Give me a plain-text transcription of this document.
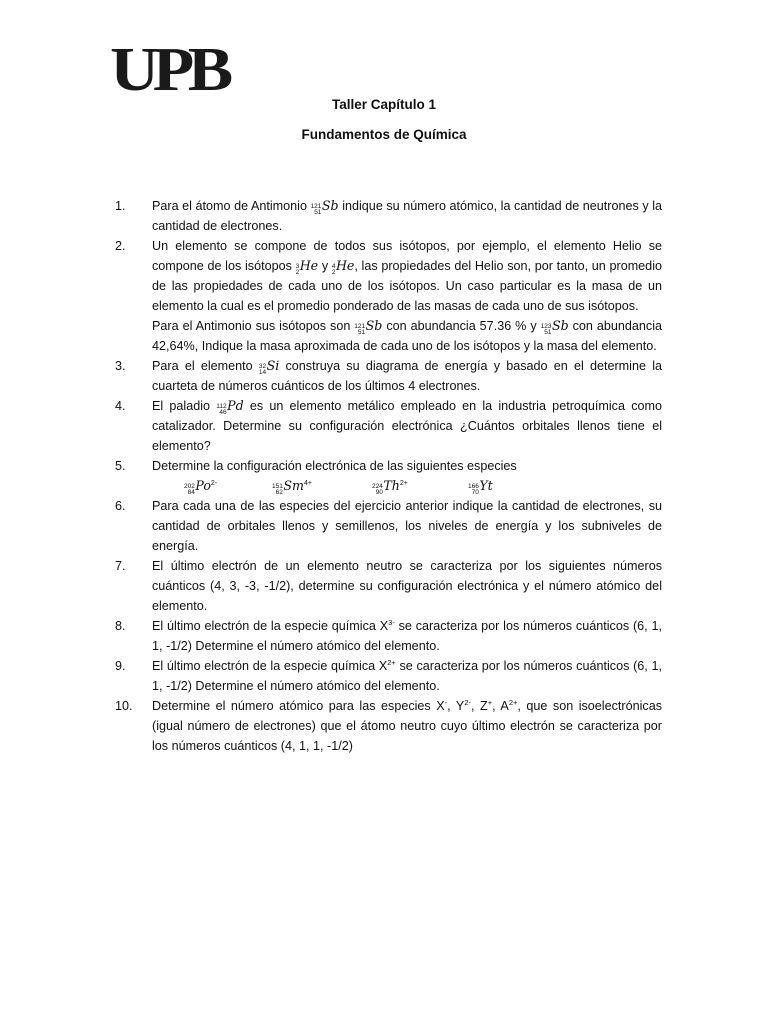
UPB
Taller Capítulo 1
Fundamentos de Química
1.	Para el átomo de Antimonio 121
51 Sb indique su número atómico, la cantidad de neutrones y la cantidad de electrones.
2.	Un elemento se compone de todos sus isótopos, por ejemplo, el elemento Helio se compone de los isótopos 3
2 He y 4
2 He, las propiedades del Helio son, por tanto, un promedio de las propiedades de cada uno de los isótopos. Un caso particular es la masa de un elemento la cual es el promedio ponderado de las masas de cada uno de sus isótopos.
Para el Antimonio sus isótopos son 121
51 Sb con abundancia 57.36 % y 123
51 Sb con abundancia 42,64%, Indique la masa aproximada de cada uno de los isótopos y la masa del elemento.
3.	Para el elemento 32
14 Si construya su diagrama de energía y basado en el determine la cuarteta de números cuánticos de los últimos 4 electrones.
4.	El paladio 112
46 Pd es un elemento metálico empleado en la industria petroquímica como catalizador. Determine su configuración electrónica ¿Cuántos orbitales llenos tiene el elemento?
5.	Determine la configuración electrónica de las siguientes especies
202
84 $Po^{2-}$	151
62 $Sm^{4+}$	224
90 $Th^{2+}$	166
70 Yt
6.	Para cada una de las especies del ejercicio anterior indique la cantidad de electrones, su cantidad de orbitales llenos y semillenos, los niveles de energía y los subniveles de energía.
7.	El último electrón de un elemento neutro se caracteriza por los siguientes números cuánticos (4, 3, -3, -1/2), determine su configuración electrónica y el número atómico del elemento.
8.	El último electrón de la especie química $X^{3-}$ se caracteriza por los números cuánticos (6, 1, 1, -1/2) Determine el número atómico del elemento.
9.	El último electrón de la especie química $X^{2+}$ se caracteriza por los números cuánticos (6, 1, 1, -1/2) Determine el número atómico del elemento.
10.	Determine el número atómico para las especies X-, $Y^{2-}$, Z+, $A^{2+}$, que son isoelectrónicas (igual número de electrones) que el átomo neutro cuyo último electrón se caracteriza por los números cuánticos (4, 1, 1, -1/2)
